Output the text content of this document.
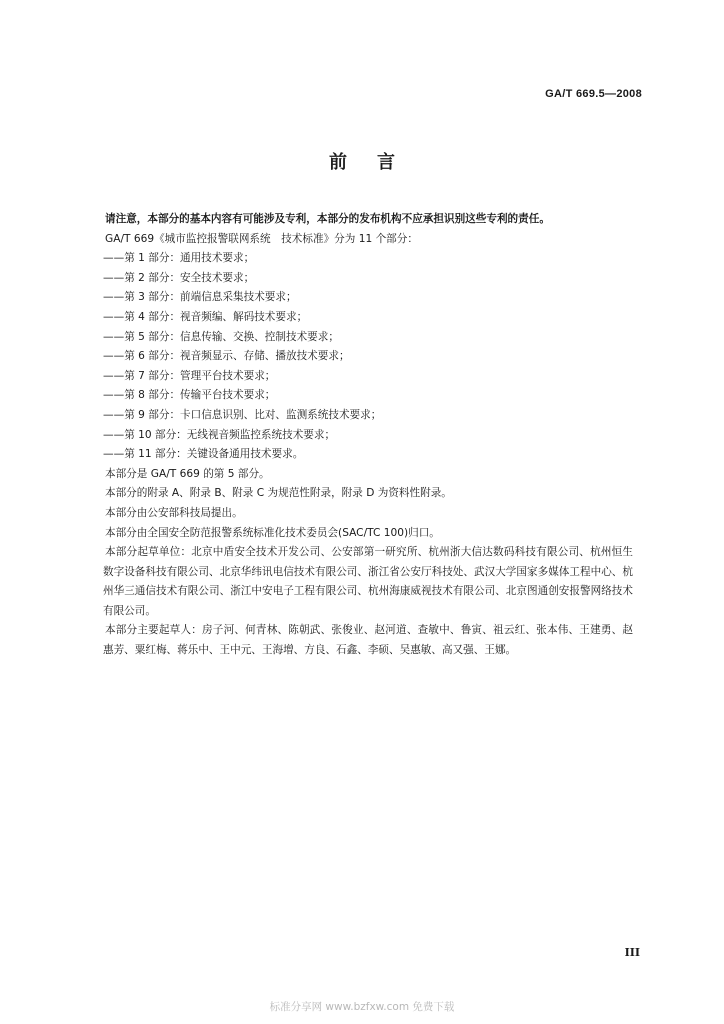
GA/T 669.5—2008
前言

请注意，本部分的基本内容有可能涉及专利，本部分的发布机构不应承担识别这些专利的责任。

GA/T 669《城市监控报警联网系统　技术标准》分为 11 个部分：

——第 1 部分：通用技术要求；
——第 2 部分：安全技术要求；
——第 3 部分：前端信息采集技术要求；
——第 4 部分：视音频编、解码技术要求；
——第 5 部分：信息传输、交换、控制技术要求；
——第 6 部分：视音频显示、存储、播放技术要求；
——第 7 部分：管理平台技术要求；
——第 8 部分：传输平台技术要求；
——第 9 部分：卡口信息识别、比对、监测系统技术要求；
——第 10 部分：无线视音频监控系统技术要求；
——第 11 部分：关键设备通用技术要求。

本部分是 GA/T 669 的第 5 部分。

本部分的附录 A、附录 B、附录 C 为规范性附录，附录 D 为资料性附录。

本部分由公安部科技局提出。

本部分由全国安全防范报警系统标准化技术委员会(SAC/TC 100)归口。

本部分起草单位：北京中盾安全技术开发公司、公安部第一研究所、杭州浙大信达数码科技有限公司、杭州恒生数字设备科技有限公司、北京华纬讯电信技术有限公司、浙江省公安厅科技处、武汉大学国家多媒体工程中心、杭州华三通信技术有限公司、浙江中安电子工程有限公司、杭州海康威视技术有限公司、北京图通创安报警网络技术有限公司。

本部分主要起草人：房子河、何青林、陈朝武、张俊业、赵河道、查敏中、鲁寅、祖云红、张本伟、王建勇、赵惠芳、粟红梅、蒋乐中、王中元、王海增、方良、石鑫、李硕、吴惠敏、高又强、王娜。

III
标准分享网 www.bzfxw.com 免费下载
